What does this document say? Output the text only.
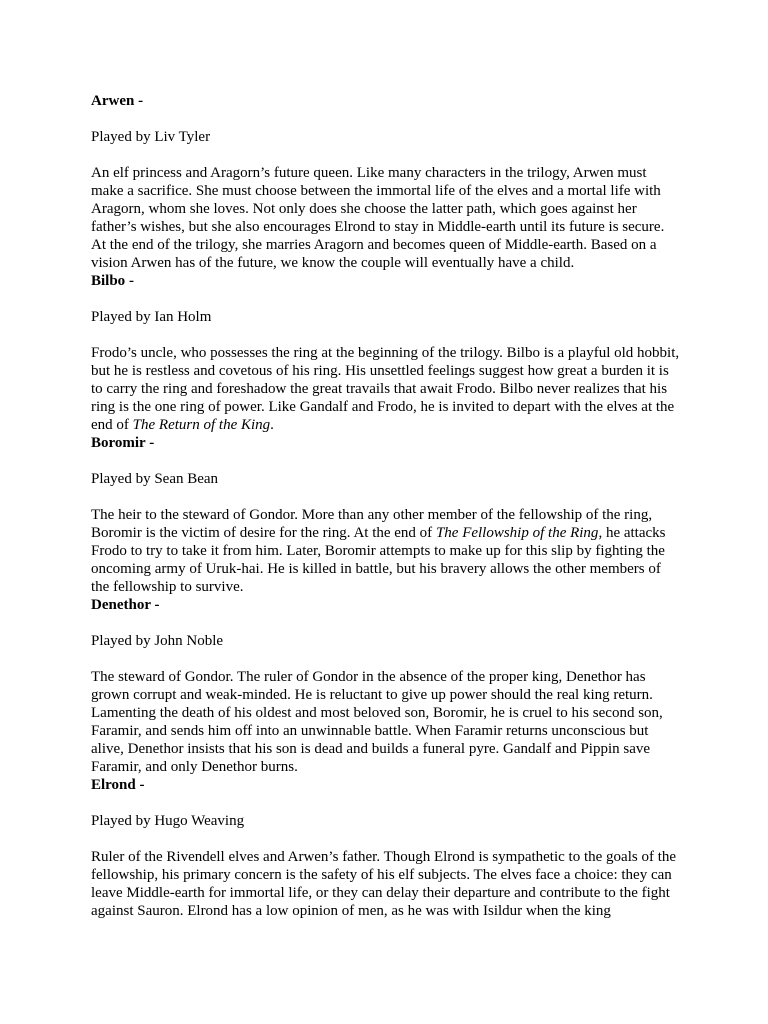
Arwen -

Played by Liv Tyler

An elf princess and Aragorn’s future queen. Like many characters in the trilogy, Arwen must make a sacrifice. She must choose between the immortal life of the elves and a mortal life with Aragorn, whom she loves. Not only does she choose the latter path, which goes against her father’s wishes, but she also encourages Elrond to stay in Middle-earth until its future is secure. At the end of the trilogy, she marries Aragorn and becomes queen of Middle-earth. Based on a vision Arwen has of the future, we know the couple will eventually have a child.

Bilbo -

Played by Ian Holm

Frodo’s uncle, who possesses the ring at the beginning of the trilogy. Bilbo is a playful old hobbit, but he is restless and covetous of his ring. His unsettled feelings suggest how great a burden it is to carry the ring and foreshadow the great travails that await Frodo. Bilbo never realizes that his ring is the one ring of power. Like Gandalf and Frodo, he is invited to depart with the elves at the end of The Return of the King.

Boromir -

Played by Sean Bean

The heir to the steward of Gondor. More than any other member of the fellowship of the ring, Boromir is the victim of desire for the ring. At the end of The Fellowship of the Ring, he attacks Frodo to try to take it from him. Later, Boromir attempts to make up for this slip by fighting the oncoming army of Uruk-hai. He is killed in battle, but his bravery allows the other members of the fellowship to survive.

Denethor -

Played by John Noble

The steward of Gondor. The ruler of Gondor in the absence of the proper king, Denethor has grown corrupt and weak-minded. He is reluctant to give up power should the real king return. Lamenting the death of his oldest and most beloved son, Boromir, he is cruel to his second son, Faramir, and sends him off into an unwinnable battle. When Faramir returns unconscious but alive, Denethor insists that his son is dead and builds a funeral pyre. Gandalf and Pippin save Faramir, and only Denethor burns.

Elrond -

Played by Hugo Weaving

Ruler of the Rivendell elves and Arwen’s father. Though Elrond is sympathetic to the goals of the fellowship, his primary concern is the safety of his elf subjects. The elves face a choice: they can leave Middle-earth for immortal life, or they can delay their departure and contribute to the fight against Sauron. Elrond has a low opinion of men, as he was with Isildur when the king
